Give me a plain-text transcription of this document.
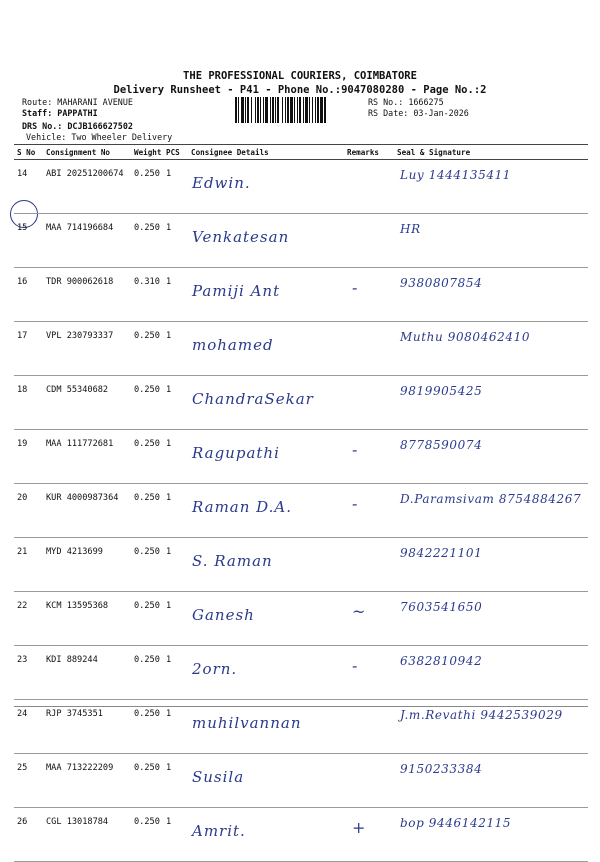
THE PROFESSIONAL COURIERS, COIMBATORE
Delivery Runsheet - P41 - Phone No.:9047080280 - Page No.:2
Route: MAHARANI AVENUE
Staff: PAPPATHI
DRS No.: DCJB166627502
Vehicle: Two Wheeler Delivery
RS No.: 1666275
RS Date: 03-Jan-2026
S No	Consignment No	Weight	PCS	Consignee Details	Remarks	Seal & Signature
14	ABI 20251200674	0.250	1	Edwin.		Luy 1444135411

15	MAA 714196684	0.250	1	Venkatesan		HR

16	TDR 900062618	0.310	1	Pamiji Ant	-	9380807854

17	VPL 230793337	0.250	1	mohamed		Muthu 9080462410

18	CDM 55340682	0.250	1	ChandraSekar		9819905425

19	MAA 111772681	0.250	1	Ragupathi	-	8778590074

20	KUR 4000987364	0.250	1	Raman D.A.	-	D.Paramsivam 8754884267

21	MYD 4213699	0.250	1	S. Raman		9842221101

22	KCM 13595368	0.250	1	Ganesh	~	7603541650

23	KDI 889244	0.250	1	2orn.	-	6382810942

24	RJP 3745351	0.250	1	muhilvannan		J.m.Revathi 9442539029

25	MAA 713222209	0.250	1	Susila		9150233384

26	CGL 13018784	0.250	1	Amrit.	+	bop 9446142115
